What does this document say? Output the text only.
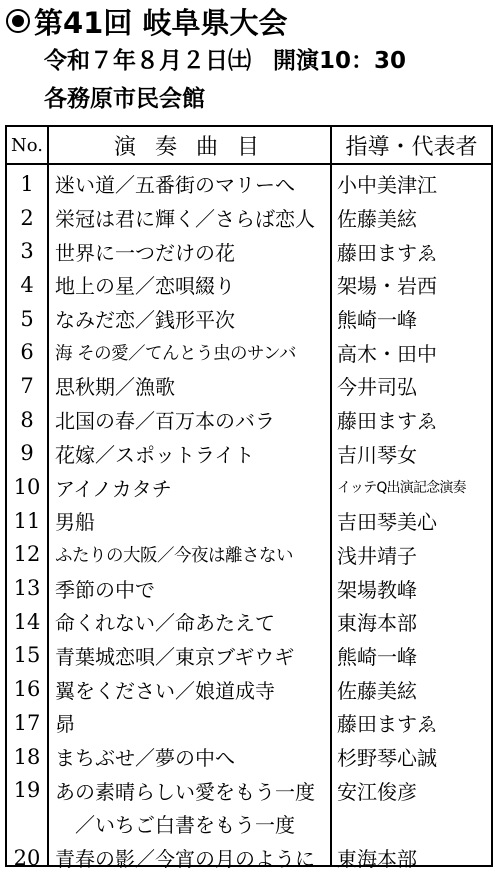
第41回 岐阜県大会
令和７年８月２日㈯ 開演10：30
各務原市民会館
No.	演 奏 曲 目	指導・代表者
1	迷い道／五番街のマリーへ	小中美津江
2	栄冠は君に輝く／さらば恋人	佐藤美絃
3	世界に一つだけの花	藤田ますゑ
4	地上の星／恋唄綴り	架場・岩西
5	なみだ恋／銭形平次	熊崎一峰
6	海 その愛／てんとう虫のサンバ	高木・田中
7	思秋期／漁歌	今井司弘
8	北国の春／百万本のバラ	藤田ますゑ
9	花嫁／スポットライト	吉川琴女
10 アイノカタチ	イッテQ出演記念演奏
11 男船	吉田琴美心
12 ふたりの大阪／今夜は離さない	浅井靖子
13 季節の中で	架場教峰
14 命くれない／命あたえて	東海本部
15 青葉城恋唄／東京ブギウギ	熊崎一峰
16 翼をください／娘道成寺	佐藤美絃
17 昴	藤田ますゑ
18 まちぶせ／夢の中へ	杉野琴心誠
19 あの素晴らしい愛をもう一度	安江俊彦
　／いちご白書をもう一度
20 青春の影／今宵の月のように	東海本部
